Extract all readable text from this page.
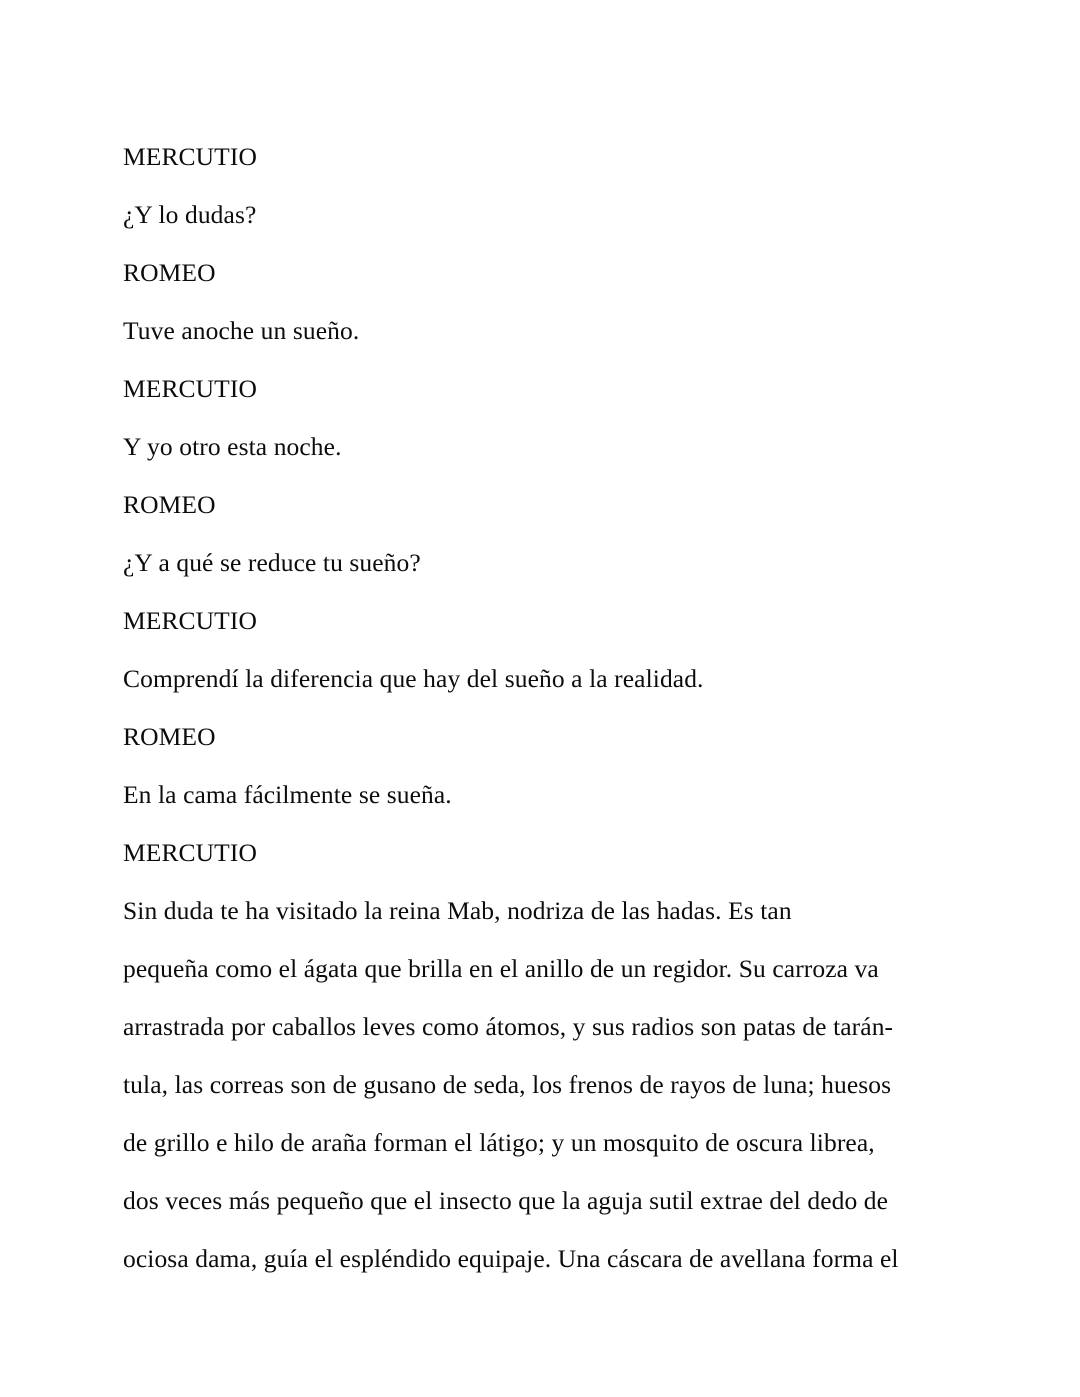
MERCUTIO
¿Y lo dudas?
ROMEO
Tuve anoche un sueño.
MERCUTIO
Y yo otro esta noche.
ROMEO
¿Y a qué se reduce tu sueño?
MERCUTIO
Comprendí la diferencia que hay del sueño a la realidad.
ROMEO
En la cama fácilmente se sueña.
MERCUTIO
Sin duda te ha visitado la reina Mab, nodriza de las hadas. Es tan
pequeña como el ágata que brilla en el anillo de un regidor. Su carroza va
arrastrada por caballos leves como átomos, y sus radios son patas de tarán-
tula, las correas son de gusano de seda, los frenos de rayos de luna; huesos
de grillo e hilo de araña forman el látigo; y un mosquito de oscura librea,
dos veces más pequeño que el insecto que la aguja sutil extrae del dedo de
ociosa dama, guía el espléndido equipaje. Una cáscara de avellana forma el
